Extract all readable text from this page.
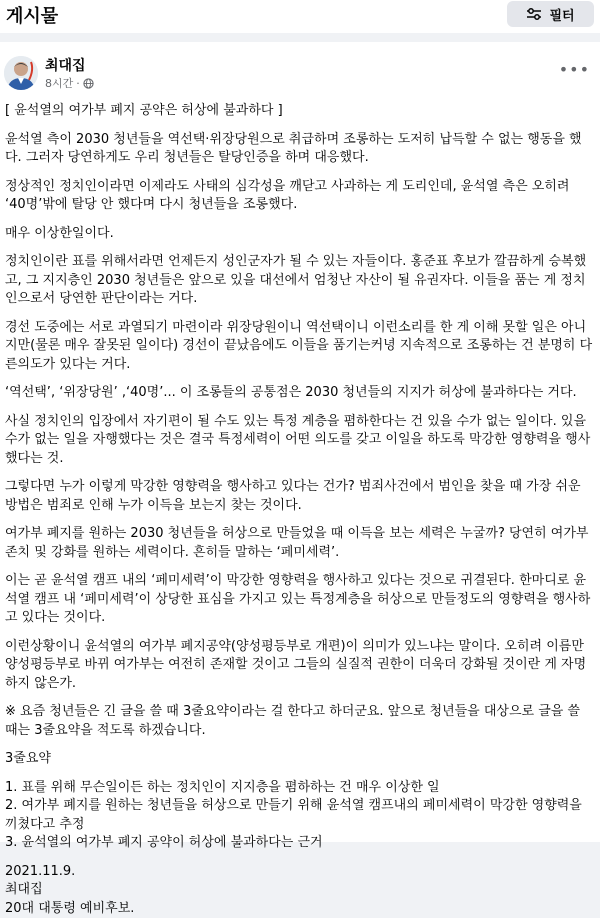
게시물	필터
최대집
8시간 ·
•••

[ 윤석열의 여가부 폐지 공약은 허상에 불과하다 ]

윤석열 측이 2030 청년들을 역선택·위장당원으로 취급하며 조롱하는 도저히 납득할 수 없는 행동을 했다. 그러자 당연하게도 우리 청년들은 탈당인증을 하며 대응했다.

정상적인 정치인이라면 이제라도 사태의 심각성을 깨닫고 사과하는 게 도리인데, 윤석열 측은 오히려 ‘40명’밖에 탈당 안 했다며 다시 청년들을 조롱했다.

매우 이상한일이다.

정치인이란 표를 위해서라면 언제든지 성인군자가 될 수 있는 자들이다. 홍준표 후보가 깔끔하게 승복했고, 그 지지층인 2030 청년들은 앞으로 있을 대선에서 엄청난 자산이 될 유권자다. 이들을 품는 게 정치인으로서 당연한 판단이라는 거다.

경선 도중에는 서로 과열되기 마련이라 위장당원이니 역선택이니 이런소리를 한 게 이해 못할 일은 아니지만(물론 매우 잘못된 일이다) 경선이 끝났음에도 이들을 품기는커녕 지속적으로 조롱하는 건 분명히 다른의도가 있다는 거다.

‘역선택’, ‘위장당원’ ,‘40명’... 이 조롱들의 공통점은 2030 청년들의 지지가 허상에 불과하다는 거다.

사실 정치인의 입장에서 자기편이 될 수도 있는 특정 계층을 폄하한다는 건 있을 수가 없는 일이다. 있을 수가 없는 일을 자행했다는 것은 결국 특정세력이 어떤 의도를 갖고 이일을 하도록 막강한 영향력을 행사했다는 것.

그렇다면 누가 이렇게 막강한 영향력을 행사하고 있다는 건가? 범죄사건에서 범인을 찾을 때 가장 쉬운방법은 범죄로 인해 누가 이득을 보는지 찾는 것이다.

여가부 폐지를 원하는 2030 청년들을 허상으로 만들었을 때 이득을 보는 세력은 누굴까? 당연히 여가부 존치 및 강화를 원하는 세력이다. 흔히들 말하는 ‘페미세력’.

이는 곧 윤석열 캠프 내의 ‘페미세력’이 막강한 영향력을 행사하고 있다는 것으로 귀결된다. 한마디로 윤석열 캠프 내 ‘페미세력’이 상당한 표심을 가지고 있는 특정계층을 허상으로 만들정도의 영향력을 행사하고 있다는 것이다.

이런상황이니 윤석열의 여가부 폐지공약(양성평등부로 개편)이 의미가 있느냐는 말이다. 오히려 이름만 양성평등부로 바뀌 여가부는 여전히 존재할 것이고 그들의 실질적 권한이 더욱더 강화될 것이란 게 자명하지 않은가.

※ 요즘 청년들은 긴 글을 쓸 때 3줄요약이라는 걸 한다고 하더군요. 앞으로 청년들을 대상으로 글을 쓸 때는 3줄요약을 적도록 하겠습니다.

3줄요약

1. 표를 위해 무슨일이든 하는 정치인이 지지층을 폄하하는 건 매우 이상한 일

2. 여가부 폐지를 원하는 청년들을 허상으로 만들기 위해 윤석열 캠프내의 페미세력이 막강한 영향력을 끼쳤다고 추정

3. 윤석열의 여가부 폐지 공약이 허상에 불과하다는 근거

2021.11.9.

최대집

20대 대통령 예비후보.
